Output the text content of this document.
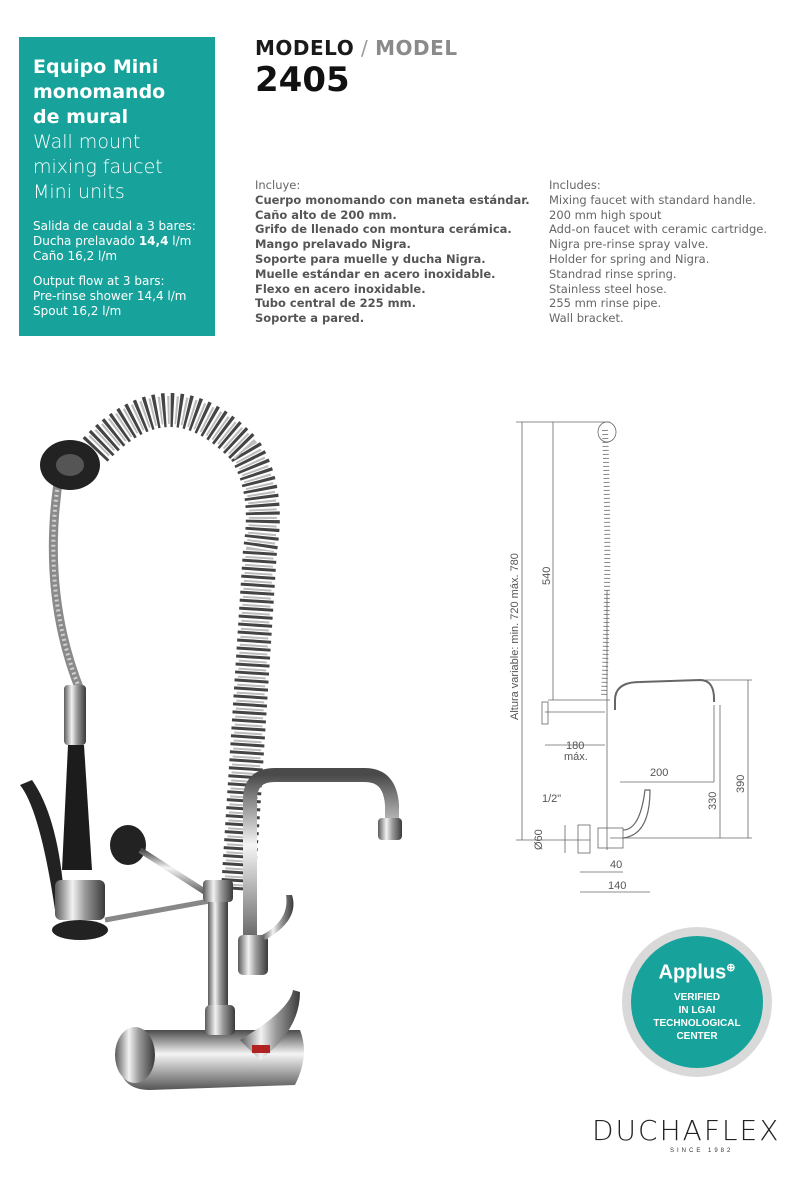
Equipo Mini
monomando
de mural
Wall mount
mixing faucet
Mini units
Salida de caudal a 3 bares:
Ducha prelavado 14,4 l/m
Caño 16,2 l/m
Output flow at 3 bars:
Pre-rinse shower 14,4 l/m
Spout 16,2 l/m
MODELO / MODEL
2405
Incluye:
Cuerpo monomando con maneta estándar.
Caño alto de 200 mm.
Grifo de llenado con montura cerámica.
Mango prelavado Nigra.
Soporte para muelle y ducha Nigra.
Muelle estándar en acero inoxidable.
Flexo en acero inoxidable.
Tubo central de 225 mm.
Soporte a pared.
Includes:
Mixing faucet with standard handle.
200 mm high spout
Add-on faucet with ceramic cartridge.
Nigra pre-rinse spray valve.
Holder for spring and Nigra.
Standrad rinse spring.
Stainless steel hose.
255 mm rinse pipe.
Wall bracket.
Altura variable: min. 720 máx. 780 540
180
máx.
200
330
390
1/2"
Ø60
40
140
Applus⊕
VERIFIED
IN LGAI
TECHNOLOGICAL
CENTER
DUCHAFLEX
SINCE 1982
